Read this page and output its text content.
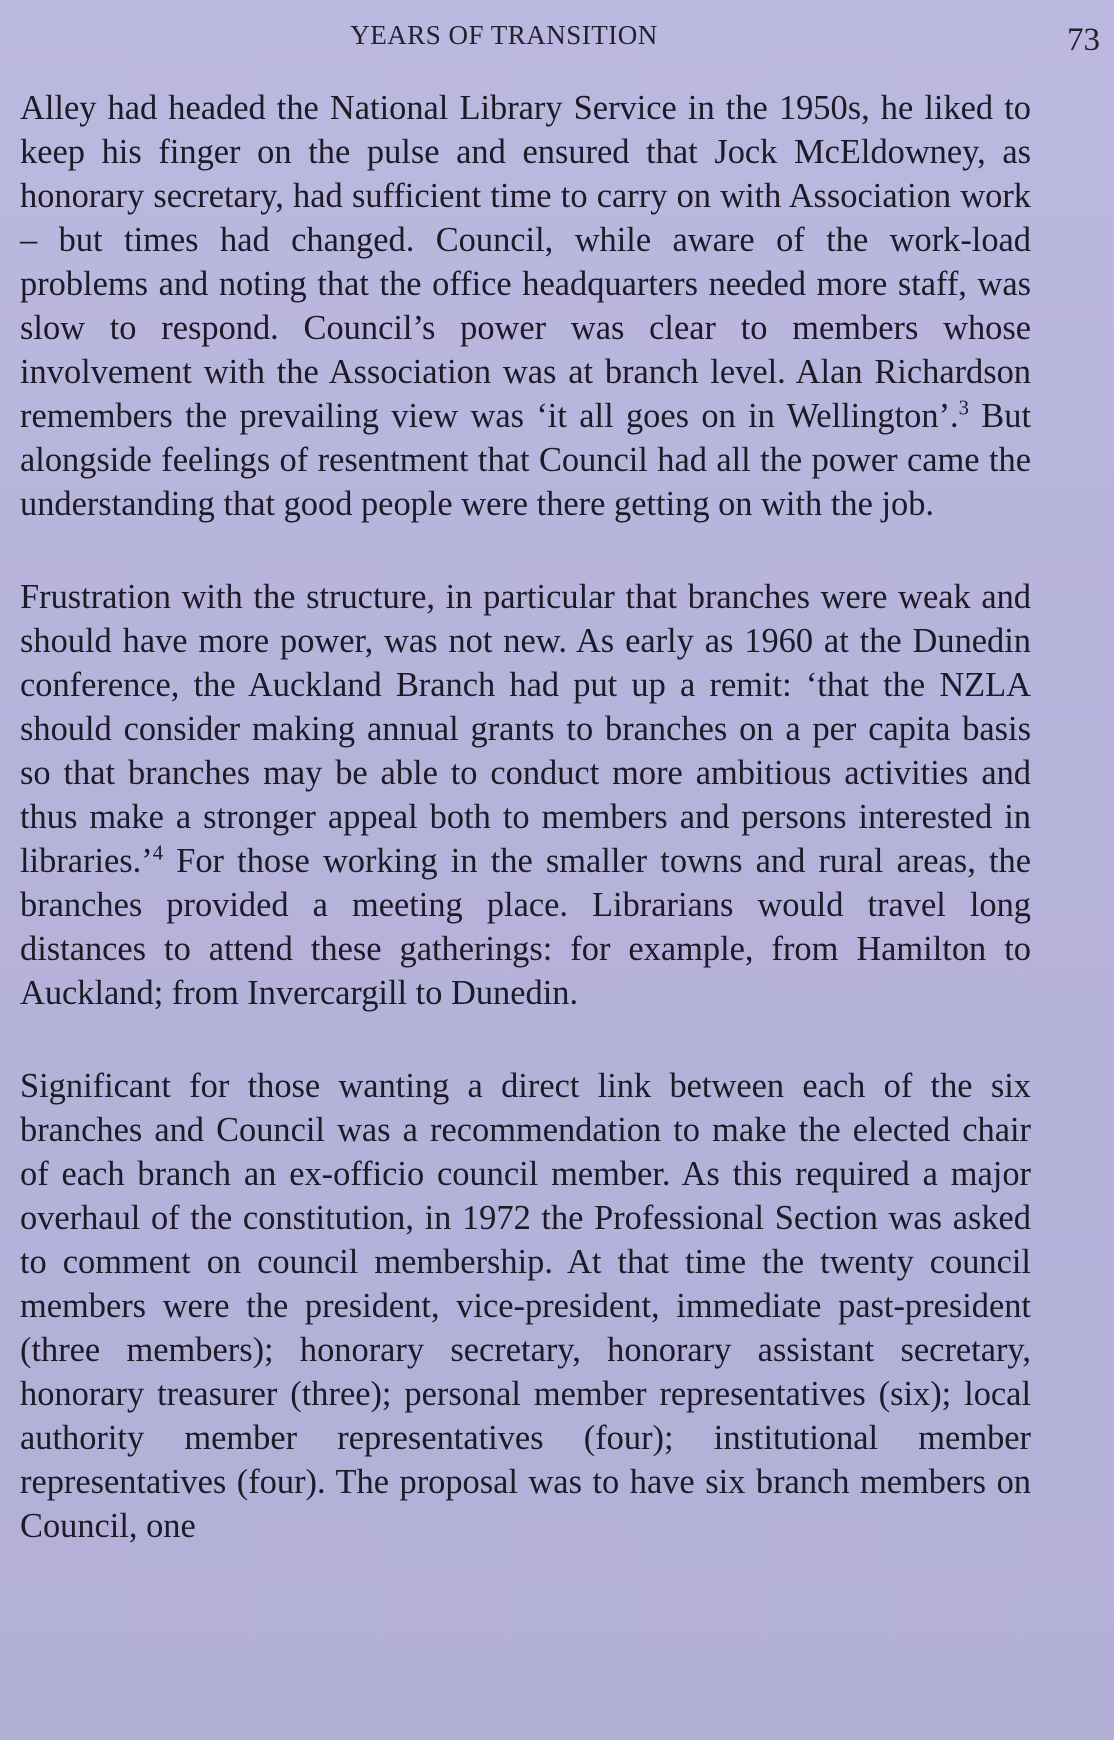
YEARS OF TRANSITION	73

Alley had headed the National Library Service in the 1950s, he liked to keep his finger on the pulse and ensured that Jock McEldowney, as honorary secretary, had sufficient time to carry on with Association work – but times had changed. Council, while aware of the work-load problems and noting that the office headquarters needed more staff, was slow to respond. Council’s power was clear to members whose involvement with the Association was at branch level. Alan Richardson remembers the prevailing view was ‘it all goes on in Wellington’.$^3$ But alongside feelings of resentment that Council had all the power came the understanding that good people were there getting on with the job.

Frustration with the structure, in particular that branches were weak and should have more power, was not new. As early as 1960 at the Dunedin conference, the Auckland Branch had put up a remit: ‘that the NZLA should consider making annual grants to branches on a per capita basis so that branches may be able to conduct more ambitious activities and thus make a stronger appeal both to members and persons interested in libraries.’$^4$ For those working in the smaller towns and rural areas, the branches provided a meeting place. Librarians would travel long distances to attend these gatherings: for example, from Hamilton to Auckland; from Invercargill to Dunedin.

Significant for those wanting a direct link between each of the six branches and Council was a recommendation to make the elected chair of each branch an ex-officio council member. As this required a major overhaul of the constitution, in 1972 the Professional Section was asked to comment on council membership. At that time the twenty council members were the president, vice-president, immediate past-president (three members); honorary secretary, honorary assistant secretary, honorary treasurer (three); personal member representatives (six); local authority member representatives (four); institutional member representatives (four). The proposal was to have six branch members on Council, one
